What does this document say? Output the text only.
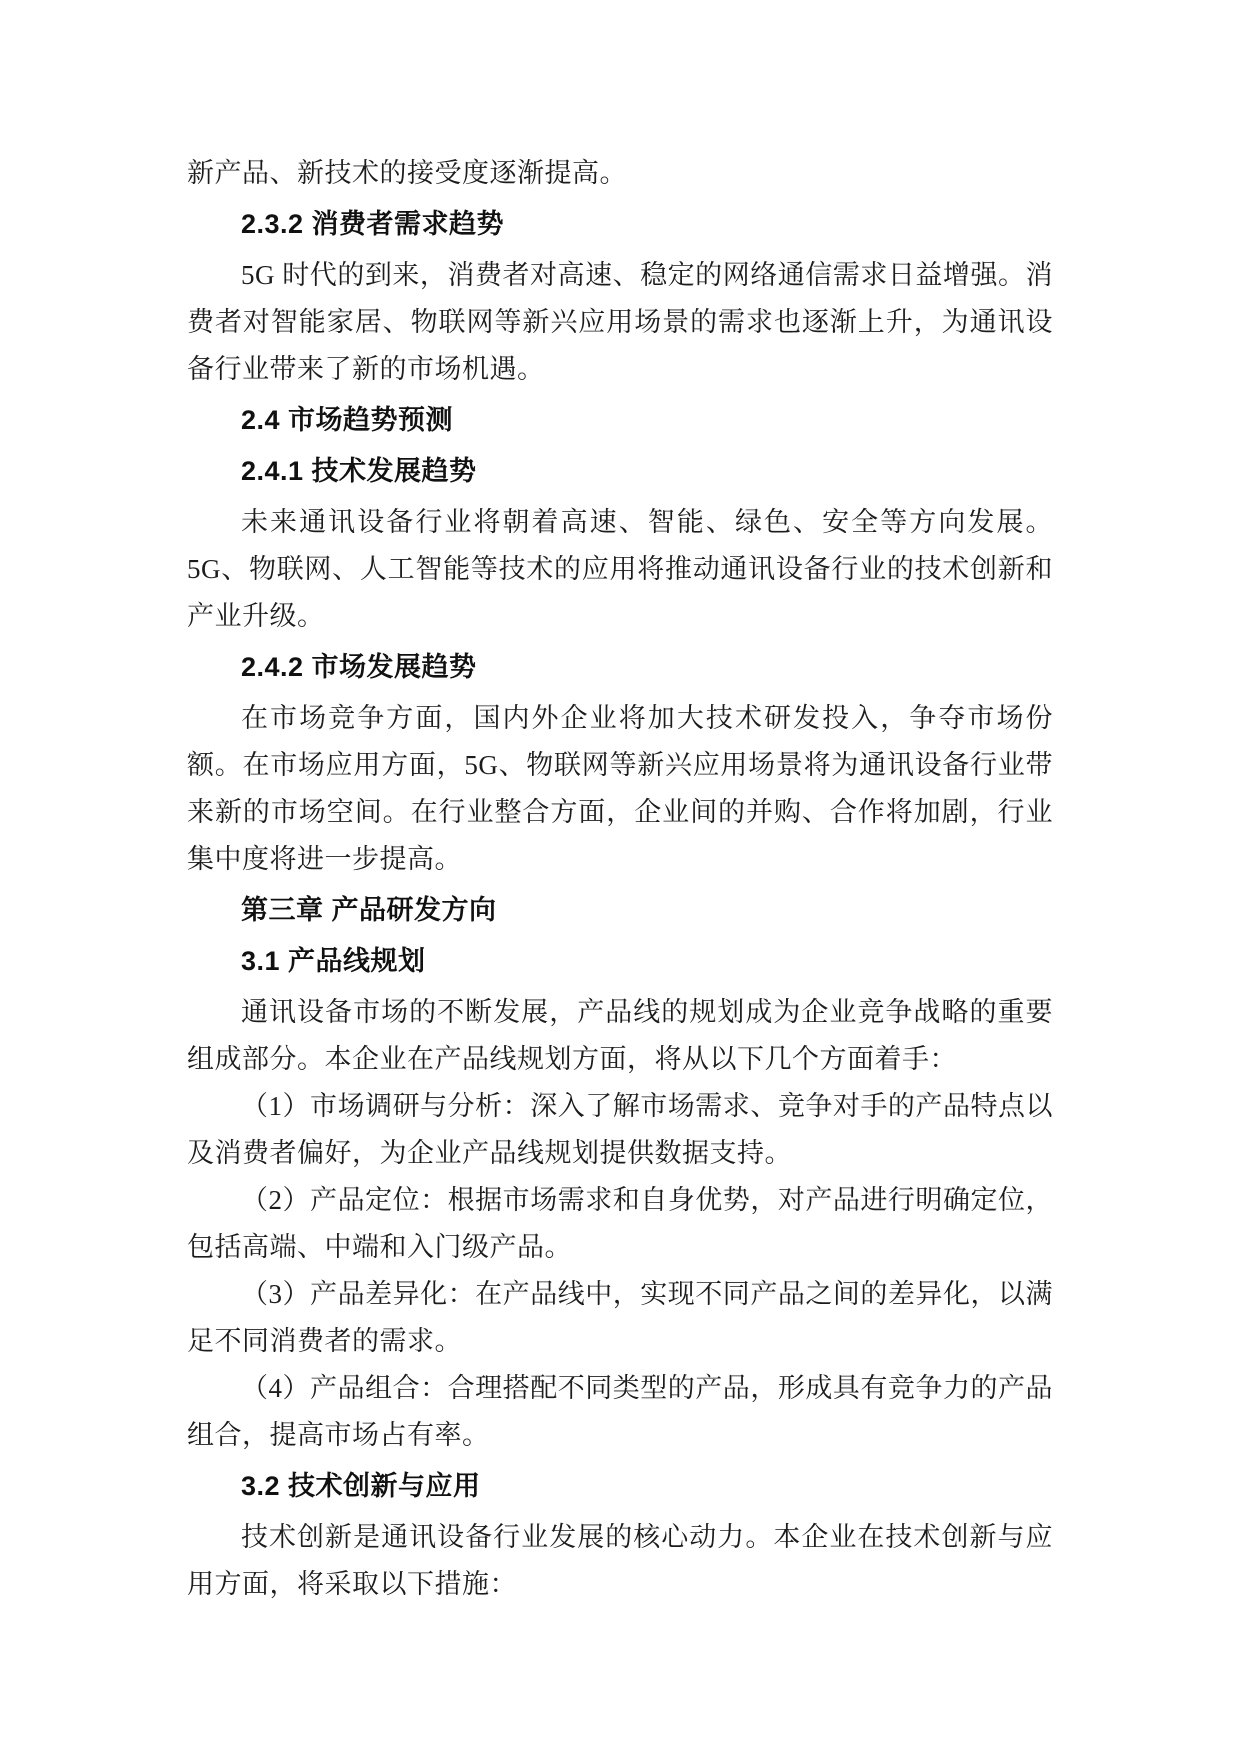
新产品、新技术的接受度逐渐提高。

2.3.2 消费者需求趋势

5G 时代的到来，消费者对高速、稳定的网络通信需求日益增强。消费者对智能家居、物联网等新兴应用场景的需求也逐渐上升，为通讯设备行业带来了新的市场机遇。

2.4 市场趋势预测
2.4.1 技术发展趋势

未来通讯设备行业将朝着高速、智能、绿色、安全等方向发展。5G、物联网、人工智能等技术的应用将推动通讯设备行业的技术创新和产业升级。

2.4.2 市场发展趋势

在市场竞争方面，国内外企业将加大技术研发投入，争夺市场份额。在市场应用方面，5G、物联网等新兴应用场景将为通讯设备行业带来新的市场空间。在行业整合方面，企业间的并购、合作将加剧，行业集中度将进一步提高。

第三章 产品研发方向
3.1 产品线规划

通讯设备市场的不断发展，产品线的规划成为企业竞争战略的重要组成部分。本企业在产品线规划方面，将从以下几个方面着手：

（1）市场调研与分析：深入了解市场需求、竞争对手的产品特点以及消费者偏好，为企业产品线规划提供数据支持。

（2）产品定位：根据市场需求和自身优势，对产品进行明确定位，包括高端、中端和入门级产品。

（3）产品差异化：在产品线中，实现不同产品之间的差异化，以满足不同消费者的需求。

（4）产品组合：合理搭配不同类型的产品，形成具有竞争力的产品组合，提高市场占有率。

3.2 技术创新与应用

技术创新是通讯设备行业发展的核心动力。本企业在技术创新与应用方面，将采取以下措施：
